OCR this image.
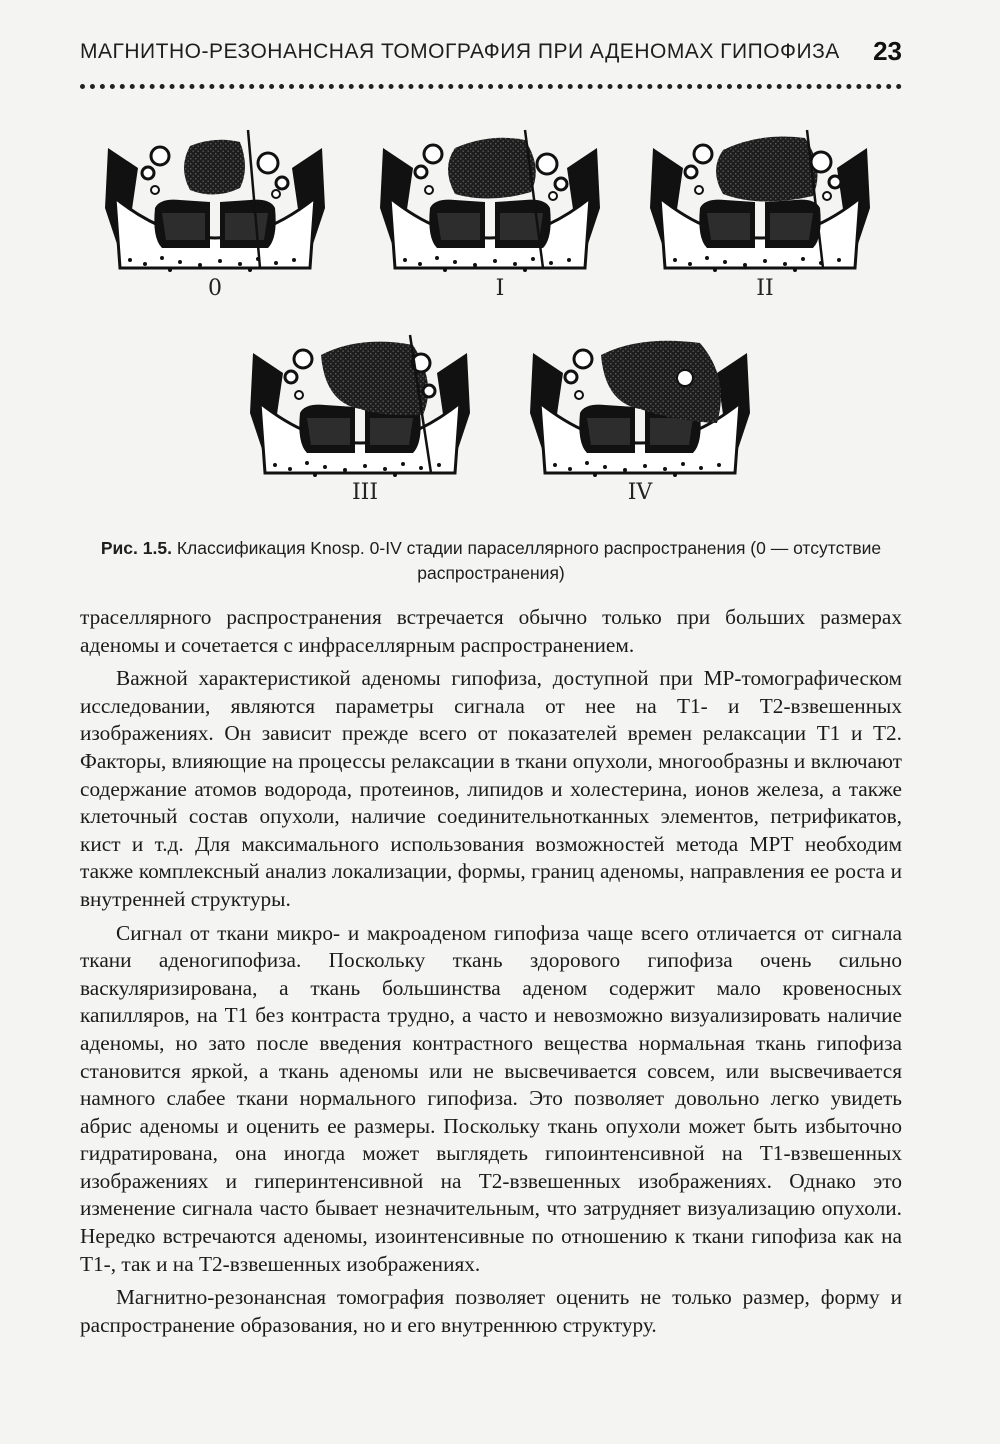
МАГНИТНО-РЕЗОНАНСНАЯ ТОМОГРАФИЯ ПРИ АДЕНОМАХ ГИПОФИЗА 23
0	I	II
III	IV
Рис. 1.5. Классификация Knosp. 0-IV стадии параселлярного распространения (0 — отсутствие распространения)

траселлярного распространения встречается обычно только при больших размерах аденомы и сочетается с инфраселлярным распространением.

Важной характеристикой аденомы гипофиза, доступной при МР-томографическом исследовании, являются параметры сигнала от нее на Т1- и Т2-взвешенных изображениях. Он зависит прежде всего от показателей времен релаксации Т1 и Т2. Факторы, влияющие на процессы релаксации в ткани опухоли, многообразны и включают содержание атомов водорода, протеинов, липидов и холестерина, ионов железа, а также клеточный состав опухоли, наличие соединительнотканных элементов, петрификатов, кист и т.д. Для максимального использования возможностей метода МРТ необходим также комплексный анализ локализации, формы, границ аденомы, направления ее роста и внутренней структуры.

Сигнал от ткани микро- и макроаденом гипофиза чаще всего отличается от сигнала ткани аденогипофиза. Поскольку ткань здорового гипофиза очень сильно васкуляризирована, а ткань большинства аденом содержит мало кровеносных капилляров, на Т1 без контраста трудно, а часто и невозможно визуализировать наличие аденомы, но зато после введения контрастного вещества нормальная ткань гипофиза становится яркой, а ткань аденомы или не высвечивается совсем, или высвечивается намного слабее ткани нормального гипофиза. Это позволяет довольно легко увидеть абрис аденомы и оценить ее размеры. Поскольку ткань опухоли может быть избыточно гидратирована, она иногда может выглядеть гипоинтенсивной на Т1-взвешенных изображениях и гиперинтенсивной на Т2-взвешенных изображениях. Однако это изменение сигнала часто бывает незначительным, что затрудняет визуализацию опухоли. Нередко встречаются аденомы, изоинтенсивные по отношению к ткани гипофиза как на Т1-, так и на Т2-взвешенных изображениях.

Магнитно-резонансная томография позволяет оценить не только размер, форму и распространение образования, но и его внутреннюю структуру.
